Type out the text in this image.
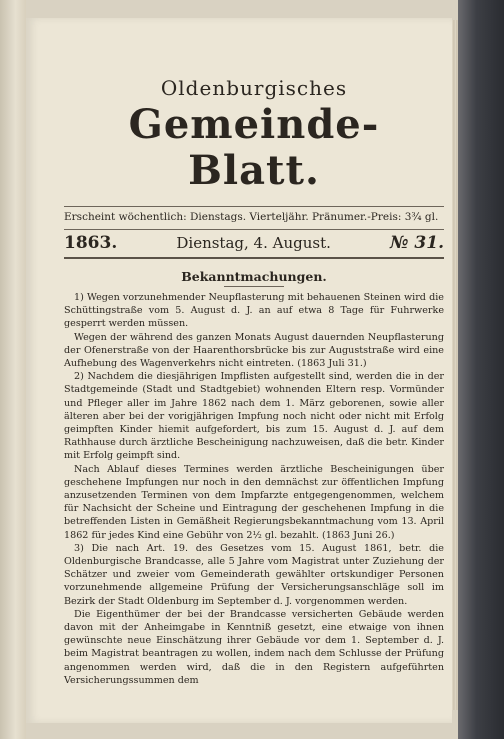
Oldenburgisches
Gemeinde-Blatt.
Erscheint wöchentlich: Dienstags. Vierteljähr. Pränumer.-Preis: 3¾ gl.
1863.	Dienstag, 4. August.	№ 31.
Bekanntmachungen.

1) Wegen vorzunehmender Neupflasterung mit behauenen Steinen wird die Schüttingstraße vom 5. August d. J. an auf etwa 8 Tage für Fuhrwerke gesperrt werden müssen.

Wegen der während des ganzen Monats August dauernden Neupflasterung der Ofenerstraße von der Haarenthorsbrücke bis zur Auguststraße wird eine Aufhebung des Wagenverkehrs nicht eintreten. (1863 Juli 31.)

2) Nachdem die diesjährigen Impflisten aufgestellt sind, werden die in der Stadtgemeinde (Stadt und Stadtgebiet) wohnenden Eltern resp. Vormünder und Pfleger aller im Jahre 1862 nach dem 1. März geborenen, sowie aller älteren aber bei der vorigjährigen Impfung noch nicht oder nicht mit Erfolg geimpften Kinder hiemit aufgefordert, bis zum 15. August d. J. auf dem Rathhause durch ärztliche Bescheinigung nachzuweisen, daß die betr. Kinder mit Erfolg geimpft sind.

Nach Ablauf dieses Termines werden ärztliche Bescheinigungen über geschehene Impfungen nur noch in den demnächst zur öffentlichen Impfung anzusetzenden Terminen von dem Impfarzte entgegengenommen, welchem für Nachsicht der Scheine und Eintragung der geschehenen Impfung in die betreffenden Listen in Gemäßheit Regierungsbekanntmachung vom 13. April 1862 für jedes Kind eine Gebühr von 2½ gl. bezahlt. (1863 Juni 26.)

3) Die nach Art. 19. des Gesetzes vom 15. August 1861, betr. die Oldenburgische Brandcasse, alle 5 Jahre vom Magistrat unter Zuziehung der Schätzer und zweier vom Gemeinderath gewählter ortskundiger Personen vorzunehmende allgemeine Prüfung der Versicherungsanschläge soll im Bezirk der Stadt Oldenburg im September d. J. vorgenommen werden.

Die Eigenthümer der bei der Brandcasse versicherten Gebäude werden davon mit der Anheimgabe in Kenntniß gesetzt, eine etwaige von ihnen gewünschte neue Einschätzung ihrer Gebäude vor dem 1. September d. J. beim Magistrat beantragen zu wollen, indem nach dem Schlusse der Prüfung angenommen werden wird, daß die in den Registern aufgeführten Versicherungssummen dem
